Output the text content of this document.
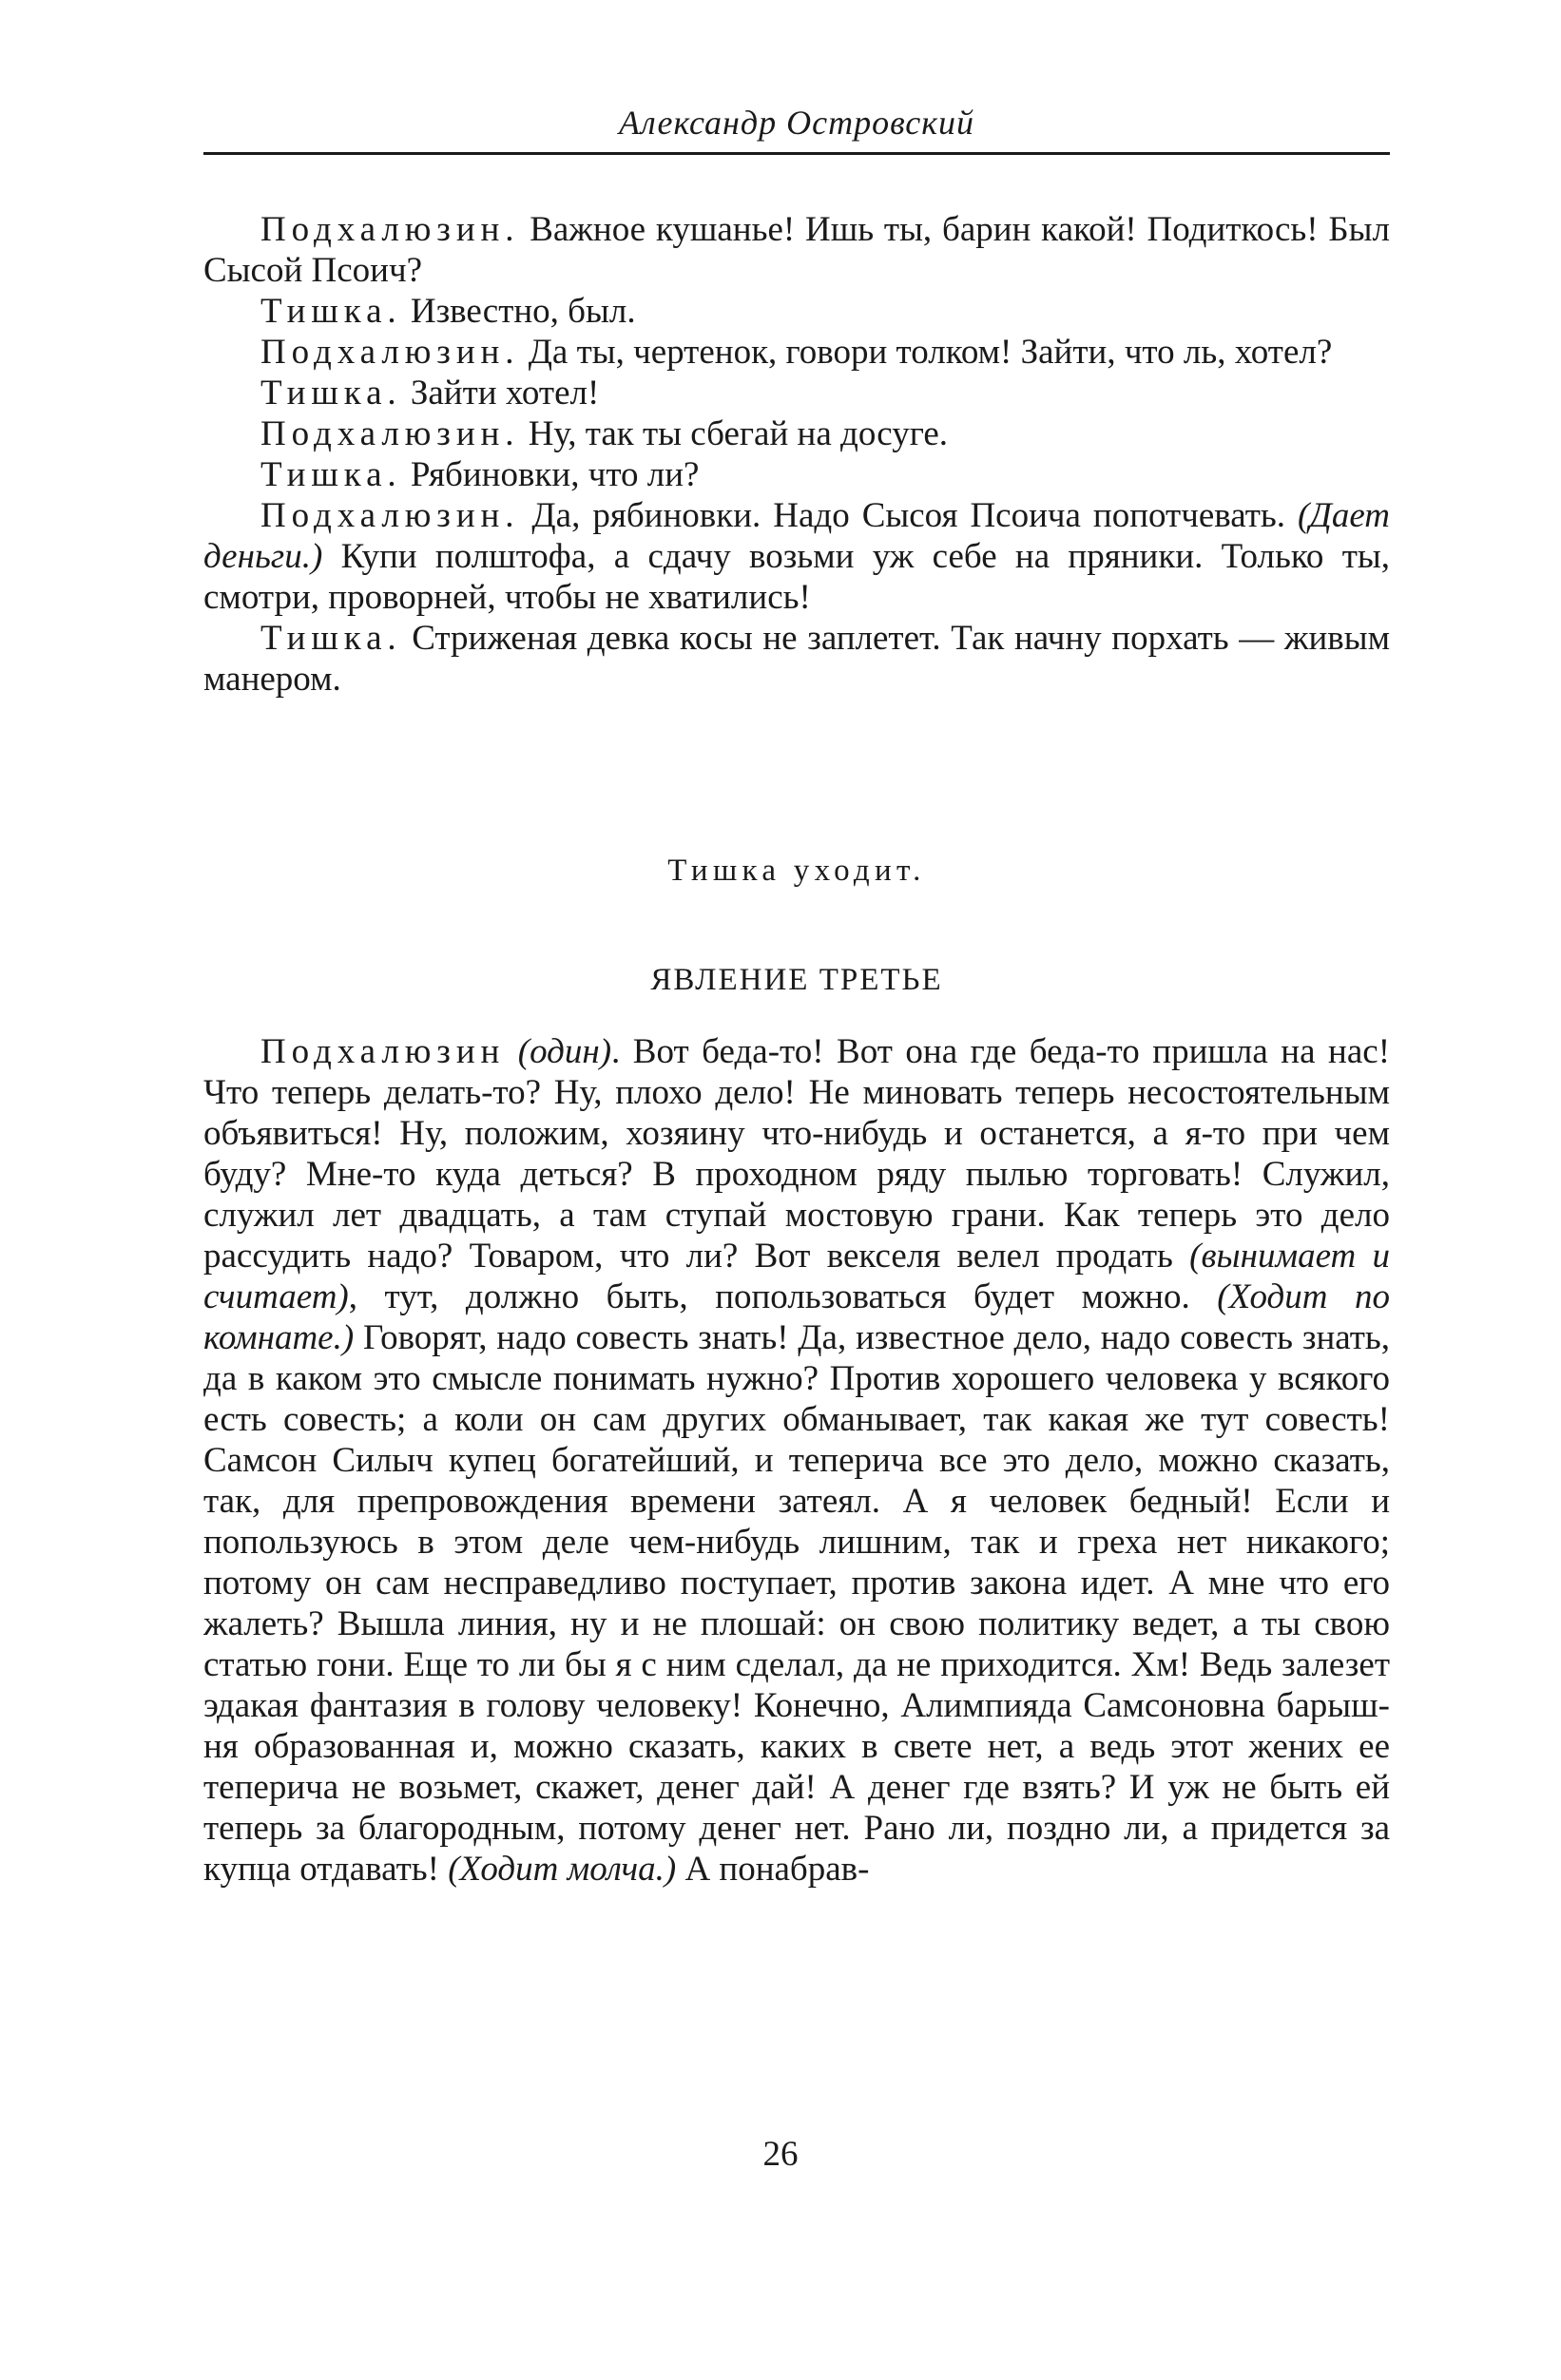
Александр Островский

Подхалюзин. Важное кушанье! Ишь ты, барин какой! Подиткось! Был Сысой Псоич?

Тишка. Известно, был.

Подхалюзин. Да ты, чертенок, говори толком! Зайти, что ль, хотел?

Тишка. Зайти хотел!

Подхалюзин. Ну, так ты сбегай на досуге.

Тишка. Рябиновки, что ли?

Подхалюзин. Да, рябиновки. Надо Сысоя Псоича попотчевать. (Дает деньги.) Купи полштофа, а сдачу возьми уж себе на пряники. Только ты, смотри, проворней, чтобы не хватились!

Тишка. Стриженая девка косы не заплетет. Так начну порхать — живым манером.

Тишка уходит.

ЯВЛЕНИЕ ТРЕТЬЕ

Подхалюзин (один). Вот беда-то! Вот она где беда-то пришла на нас! Что теперь делать-то? Ну, плохо дело! Не миновать теперь несостоятельным объявиться! Ну, положим, хозяину что-нибудь и останется, а я-то при чем буду? Мне-то куда деться? В проходном ряду пылью торговать! Служил, служил лет двадцать, а там ступай мостовую грани. Как теперь это дело рассудить надо? Товаром, что ли? Вот векселя велел продать (вынимает и считает), тут, должно быть, попользоваться будет можно. (Ходит по комнате.) Говорят, надо совесть знать! Да, известное дело, надо совесть знать, да в каком это смысле понимать нужно? Против хорошего человека у всякого есть совесть; а коли он сам других обманывает, так какая же тут совесть! Самсон Силыч купец богатейший, и теперича все это дело, можно сказать, так, для препровождения времени затеял. А я человек бедный! Если и попользуюсь в этом деле чем-нибудь лишним, так и греха нет никакого; потому он сам несправедливо поступает, против закона идет. А мне что его жалеть? Вышла линия, ну и не плошай: он свою политику ведет, а ты свою статью гони. Еще то ли бы я с ним сделал, да не приходится. Хм! Ведь залезет эдакая фантазия в голову человеку! Конечно, Алимпияда Самсоновна барышня образованная и, можно сказать, каких в свете нет, а ведь этот жених ее теперича не возьмет, скажет, денег дай! А денег где взять? И уж не быть ей теперь за благородным, потому денег нет. Рано ли, поздно ли, а придется за купца отдавать! (Ходит молча.) А понабрав-

26
